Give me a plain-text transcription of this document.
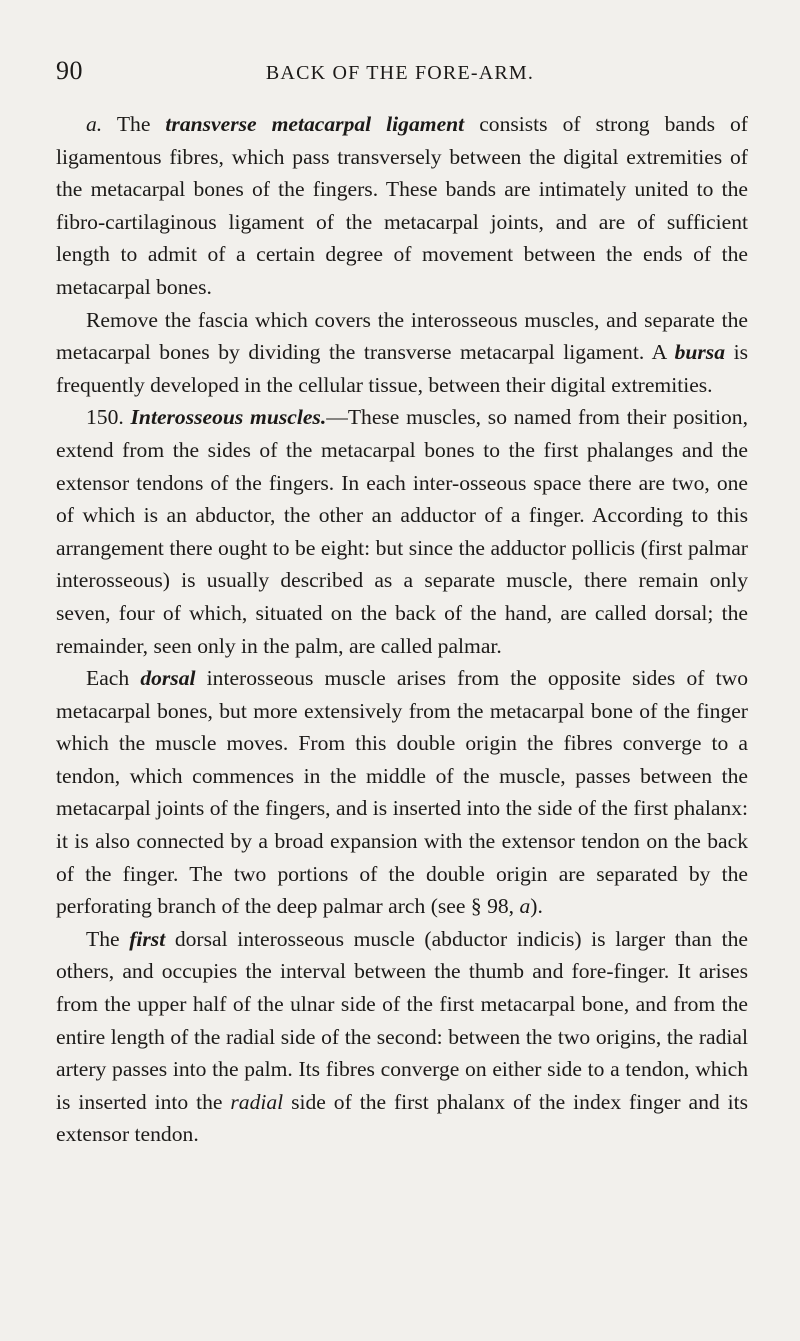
90	BACK OF THE FORE-ARM.

a. The transverse metacarpal ligament consists of strong bands of ligamentous fibres, which pass transversely between the digital extremities of the metacarpal bones of the fingers. These bands are intimately united to the fibro-cartilaginous ligament of the metacarpal joints, and are of sufficient length to admit of a certain degree of movement between the ends of the metacarpal bones.

Remove the fascia which covers the interosseous muscles, and separate the metacarpal bones by dividing the transverse metacarpal ligament. A bursa is frequently developed in the cellular tissue, between their digital extremities.

150. Interosseous muscles.—These muscles, so named from their position, extend from the sides of the metacarpal bones to the first phalanges and the extensor tendons of the fingers. In each inter-osseous space there are two, one of which is an abductor, the other an adductor of a finger. According to this arrangement there ought to be eight: but since the adductor pollicis (first palmar interosseous) is usually described as a separate muscle, there remain only seven, four of which, situated on the back of the hand, are called dorsal; the remainder, seen only in the palm, are called palmar.

Each dorsal interosseous muscle arises from the opposite sides of two metacarpal bones, but more extensively from the metacarpal bone of the finger which the muscle moves. From this double origin the fibres converge to a tendon, which commences in the middle of the muscle, passes between the metacarpal joints of the fingers, and is inserted into the side of the first phalanx: it is also connected by a broad expansion with the extensor tendon on the back of the finger. The two portions of the double origin are separated by the perforating branch of the deep palmar arch (see § 98, a).

The first dorsal interosseous muscle (abductor indicis) is larger than the others, and occupies the interval between the thumb and fore-finger. It arises from the upper half of the ulnar side of the first metacarpal bone, and from the entire length of the radial side of the second: between the two origins, the radial artery passes into the palm. Its fibres converge on either side to a tendon, which is inserted into the radial side of the first phalanx of the index finger and its extensor tendon.
